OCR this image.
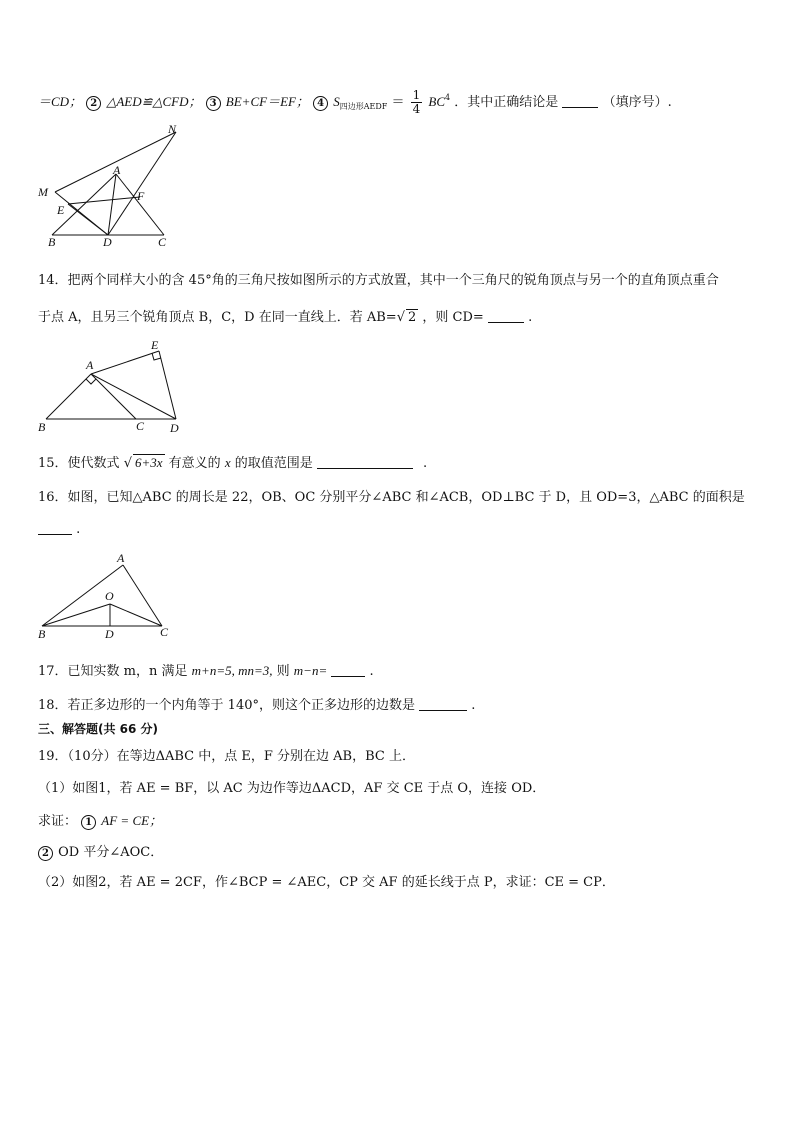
＝CD； 2 △AED≌△CFD； 3 BE+CF＝EF； 4 $S_{四边形AEDF} = \frac{1}{4} BC^4$ ．其中正确结论是	（填序号）.
N
A
M	F
E
B	D	C
14．把两个同样大小的含 45°角的三角尺按如图所示的方式放置，其中一个三角尺的锐角顶点与另一个的直角顶点重合
于点 A，且另三个锐角顶点 B，C，D 在同一直线上．若 AB=√ 2 ，则 CD=	.
E
A
B	C D
15．使代数式 √ 6+3x 有意义的 x 的取值范围是	.
16．如图，已知△ABC 的周长是 22，OB、OC 分别平分∠ABC 和∠ACB，OD⊥BC 于 D，且 OD=3，△ABC 的面积是
.
A
O
B	D	C
17．已知实数 m，n 满足 m+n=5, mn=3, 则 m−n=	.
18．若正多边形的一个内角等于 140°，则这个正多边形的边数是	.
三、解答题(共 66 分)
19．（10分）在等边ΔABC 中，点 E，F 分别在边 AB，BC 上．
（1）如图1，若 AE = BF，以 AC 为边作等边ΔACD，AF 交 CE 于点 O，连接 OD．
求证： 1 AF = CE；
2 OD 平分∠AOC．
（2）如图2，若 AE = 2CF，作∠BCP = ∠AEC，CP 交 AF 的延长线于点 P，求证：CE = CP．
